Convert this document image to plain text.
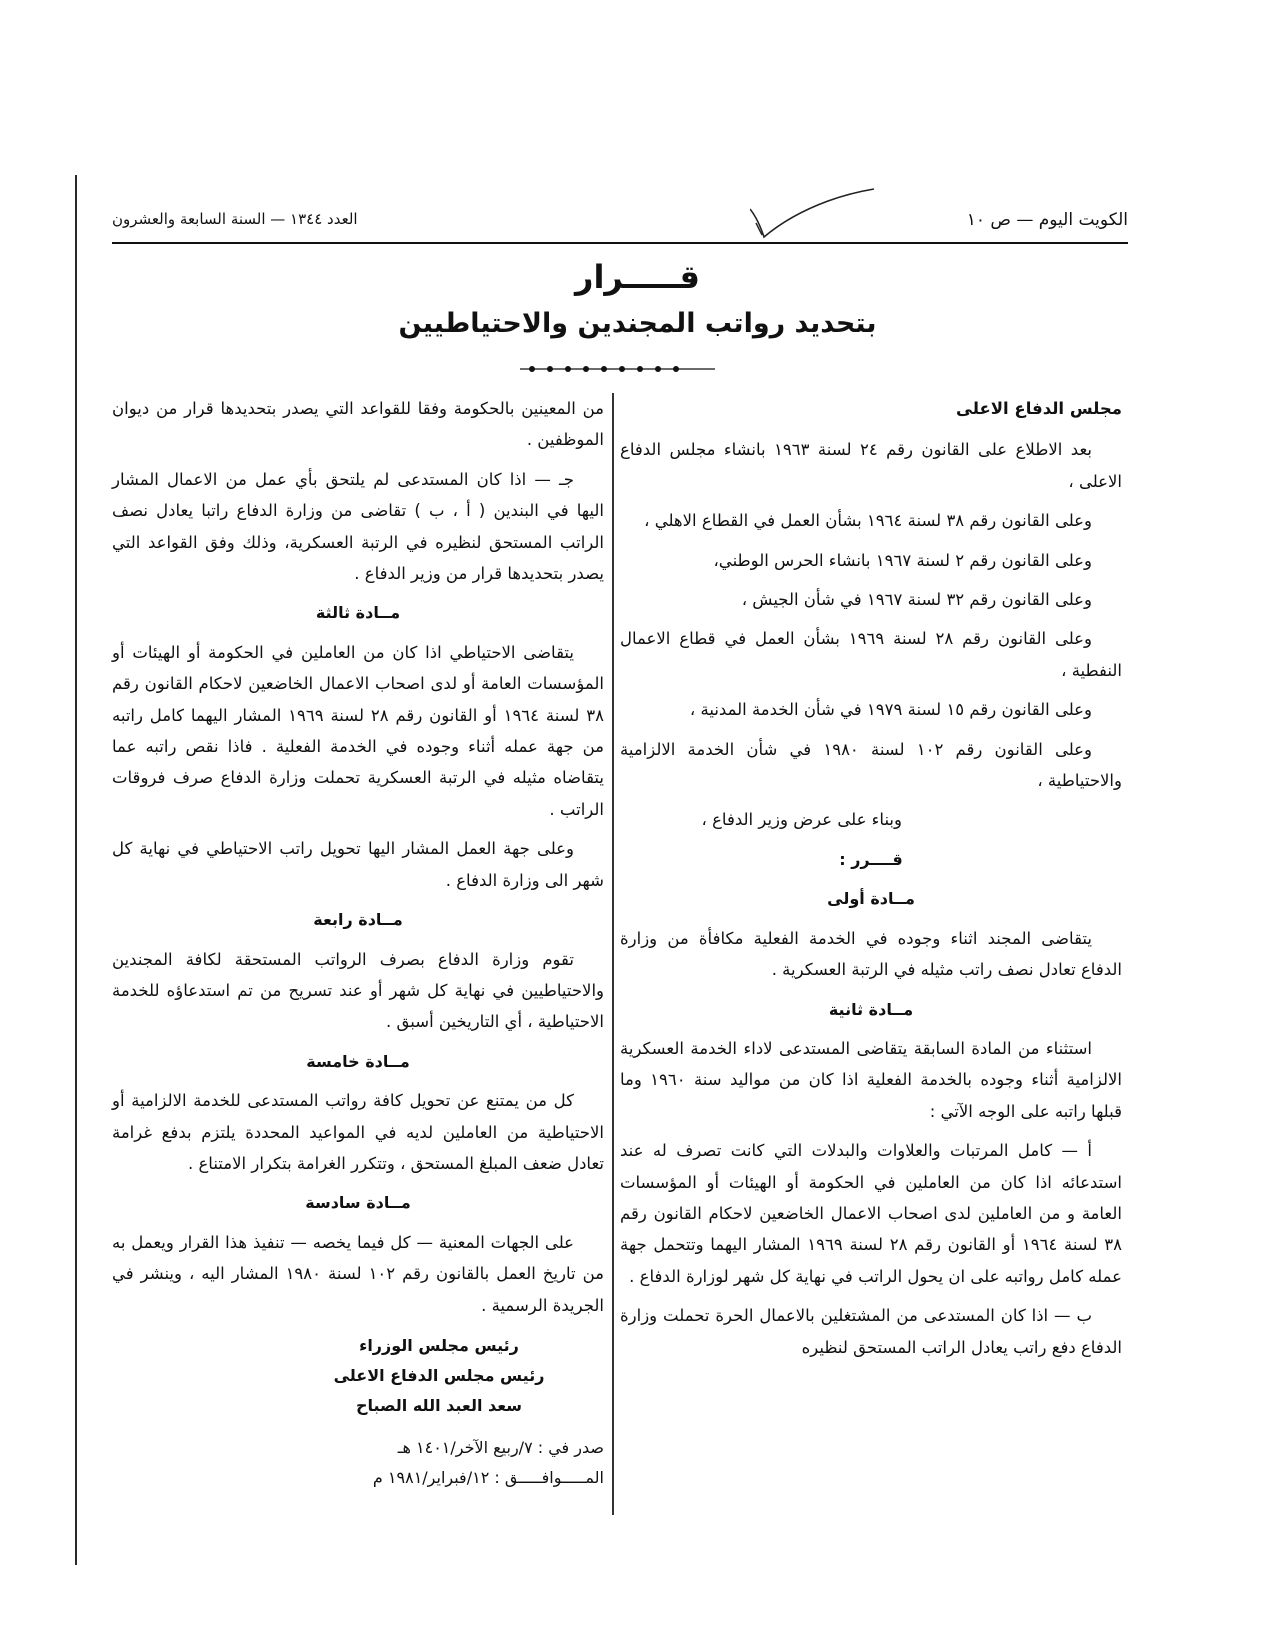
الكويت اليوم — ص ١٠
العدد ١٣٤٤ — السنة السابعة والعشرون
قـــــرار
بتحديد رواتب المجندين والاحتياطيين

مجلس الدفاع الاعلى

بعد الاطلاع على القانون رقم ٢٤ لسنة ١٩٦٣ بانشاء مجلس الدفاع الاعلى ،

وعلى القانون رقم ٣٨ لسنة ١٩٦٤ بشأن العمل في القطاع الاهلي ،

وعلى القانون رقم ٢ لسنة ١٩٦٧ بانشاء الحرس الوطني،

وعلى القانون رقم ٣٢ لسنة ١٩٦٧ في شأن الجيش ،

وعلى القانون رقم ٢٨ لسنة ١٩٦٩ بشأن العمل في قطاع الاعمال النفطية ،

وعلى القانون رقم ١٥ لسنة ١٩٧٩ في شأن الخدمة المدنية ،

وعلى القانون رقم ١٠٢ لسنة ١٩٨٠ في شأن الخدمة الالزامية والاحتياطية ،

وبناء على عرض وزير الدفاع ،

قــــرر :
مــادة أولى

يتقاضى المجند اثناء وجوده في الخدمة الفعلية مكافأة من وزارة الدفاع تعادل نصف راتب مثيله في الرتبة العسكرية .

مــادة ثانية

استثناء من المادة السابقة يتقاضى المستدعى لاداء الخدمة العسكرية الالزامية أثناء وجوده بالخدمة الفعلية اذا كان من مواليد سنة ١٩٦٠ وما قبلها راتبه على الوجه الآتي :

أ — كامل المرتبات والعلاوات والبدلات التي كانت تصرف له عند استدعائه اذا كان من العاملين في الحكومة أو الهيئات أو المؤسسات العامة و من العاملين لدى اصحاب الاعمال الخاضعين لاحكام القانون رقم ٣٨ لسنة ١٩٦٤ أو القانون رقم ٢٨ لسنة ١٩٦٩ المشار اليهما وتتحمل جهة عمله كامل رواتبه على ان يحول الراتب في نهاية كل شهر لوزارة الدفاع .

ب — اذا كان المستدعى من المشتغلين بالاعمال الحرة تحملت وزارة الدفاع دفع راتب يعادل الراتب المستحق لنظيره

من المعينين بالحكومة وفقا للقواعد التي يصدر بتحديدها قرار من ديوان الموظفين .

جـ — اذا كان المستدعى لم يلتحق بأي عمل من الاعمال المشار اليها في البندين ( أ ، ب ) تقاضى من وزارة الدفاع راتبا يعادل نصف الراتب المستحق لنظيره في الرتبة العسكرية، وذلك وفق القواعد التي يصدر بتحديدها قرار من وزير الدفاع .

مــادة ثالثة

يتقاضى الاحتياطي اذا كان من العاملين في الحكومة أو الهيئات أو المؤسسات العامة أو لدى اصحاب الاعمال الخاضعين لاحكام القانون رقم ٣٨ لسنة ١٩٦٤ أو القانون رقم ٢٨ لسنة ١٩٦٩ المشار اليهما كامل راتبه من جهة عمله أثناء وجوده في الخدمة الفعلية . فاذا نقص راتبه عما يتقاضاه مثيله في الرتبة العسكرية تحملت وزارة الدفاع صرف فروقات الراتب .

وعلى جهة العمل المشار اليها تحويل راتب الاحتياطي في نهاية كل شهر الى وزارة الدفاع .

مــادة رابعة

تقوم وزارة الدفاع بصرف الرواتب المستحقة لكافة المجندين والاحتياطيين في نهاية كل شهر أو عند تسريح من تم استدعاؤه للخدمة الاحتياطية ، أي التاريخين أسبق .

مــادة خامسة

كل من يمتنع عن تحويل كافة رواتب المستدعى للخدمة الالزامية أو الاحتياطية من العاملين لديه في المواعيد المحددة يلتزم بدفع غرامة تعادل ضعف المبلغ المستحق ، وتتكرر الغرامة بتكرار الامتناع .

مــادة سادسة

على الجهات المعنية — كل فيما يخصه — تنفيذ هذا القرار ويعمل به من تاريخ العمل بالقانون رقم ١٠٢ لسنة ١٩٨٠ المشار اليه ، وينشر في الجريدة الرسمية .

رئيس مجلس الوزراء
رئيس مجلس الدفاع الاعلى
سعد العبد الله الصباح
صدر في : ٧/ربيع الآخر/١٤٠١ هـ
المـــــوافـــــق : ١٢/فبراير/١٩٨١ م
